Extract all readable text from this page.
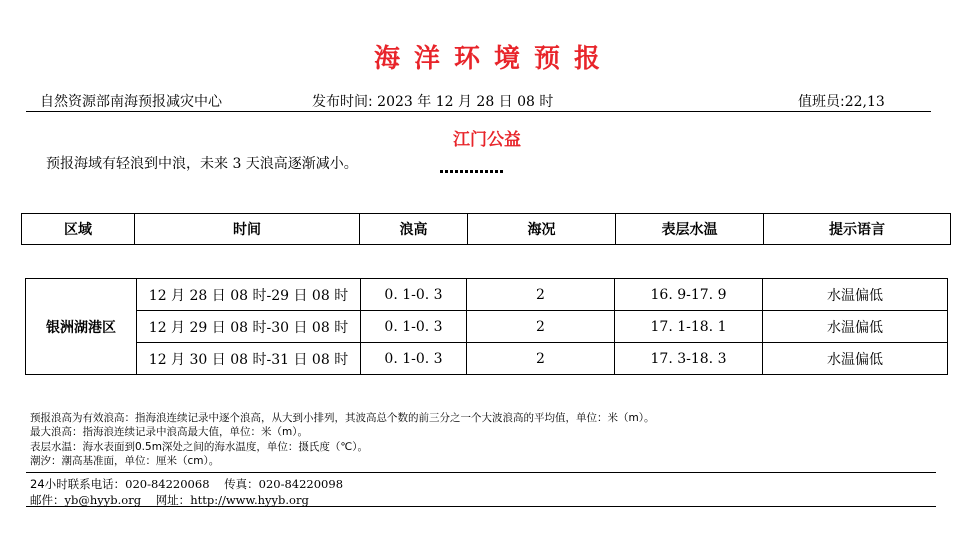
海洋环境预报
自然资源部南海预报减灾中心	发布时间: 2023 年 12 月 28 日 08 时	值班员:22,13
江门公益
预报海域有轻浪到中浪，未来 3 天浪高逐渐减小。
区域	时间	浪高	海况	表层水温	提示语言
银洲湖港区	12 月 28 日 08 时-29 日 08 时	0. 1-0. 3	2	16. 9-17. 9	水温偏低
	12 月 29 日 08 时-30 日 08 时	0. 1-0. 3	2	17. 1-18. 1	水温偏低
	12 月 30 日 08 时-31 日 08 时	0. 1-0. 3	2	17. 3-18. 3	水温偏低
预报浪高为有效浪高：指海浪连续记录中逐个浪高，从大到小排列，其波高总个数的前三分之一个大波浪高的平均值，单位：米（m）。
最大浪高：指海浪连续记录中浪高最大值，单位：米（m）。
表层水温：海水表面到0.5m深处之间的海水温度，单位：摄氏度（℃）。
潮汐：潮高基准面，单位：厘米（cm）。
24小时联系电话：020-84220068 传真：020-84220098
邮件：yb@hyyb.org 网址：http://www.hyyb.org
